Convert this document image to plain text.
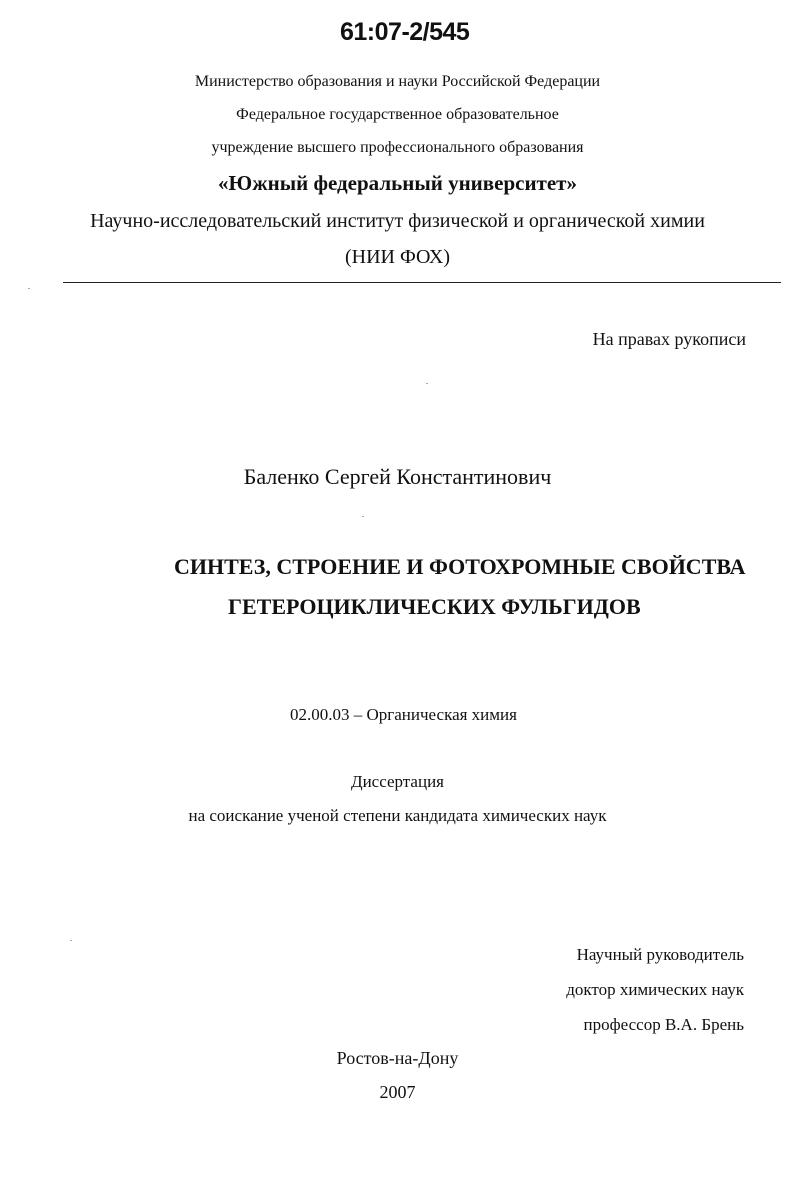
61:07-2/545
Министерство образования и науки Российской Федерации
Федеральное государственное образовательное
учреждение высшего профессионального образования
«Южный федеральный университет»
Научно-исследовательский институт физической и органической химии
(НИИ ФОХ)
На правах рукописи
Баленко Сергей Константинович
СИНТЕЗ, СТРОЕНИЕ И ФОТОХРОМНЫЕ СВОЙСТВА
ГЕТЕРОЦИКЛИЧЕСКИХ ФУЛЬГИДОВ
02.00.03 – Органическая химия
Диссертация
на соискание ученой степени кандидата химических наук
Научный руководитель
доктор химических наук
профессор В.А. Брень
Ростов-на-Дону
2007
